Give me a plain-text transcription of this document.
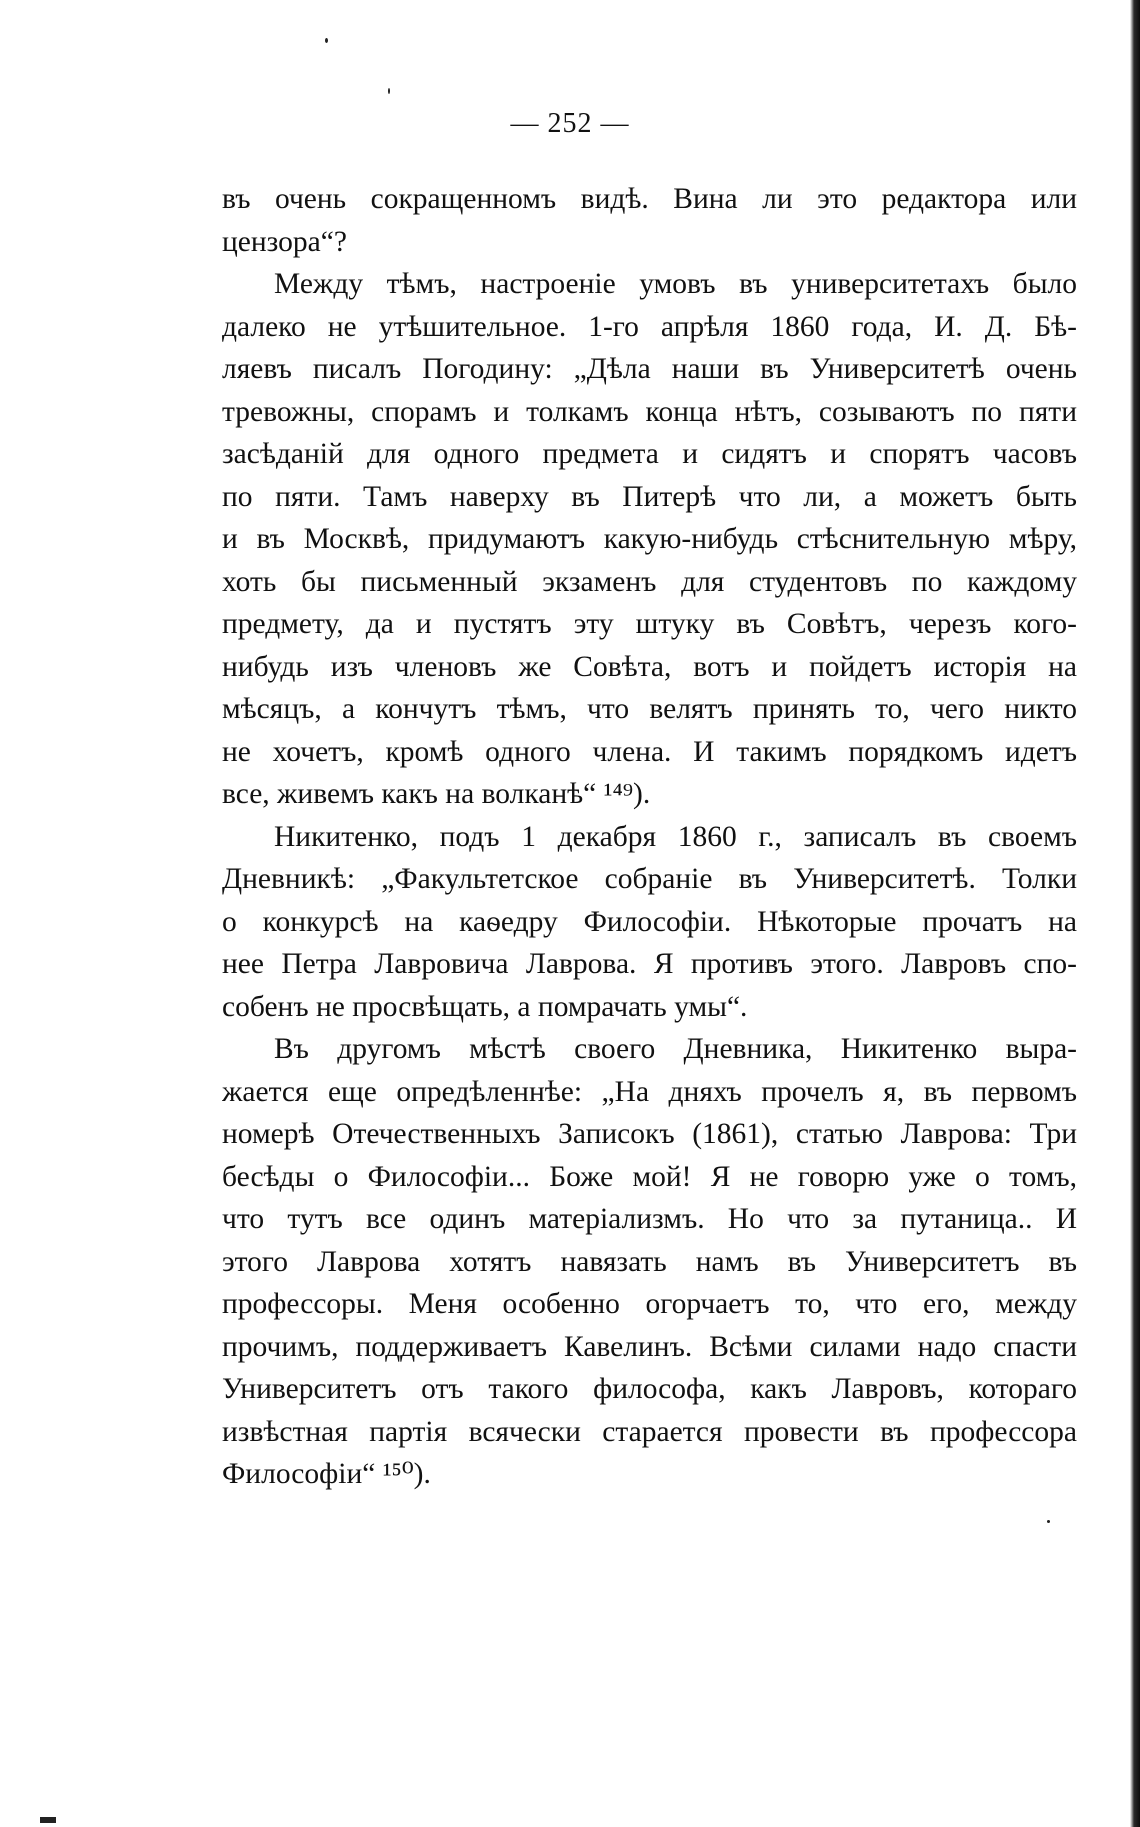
— 252 —
въ очень сокращенномъ видѣ. Вина ли это редактора или
цензора“?
Между тѣмъ, настроеніе умовъ въ университетахъ было
далеко не утѣшительное. 1-го апрѣля 1860 года, И. Д. Бѣ-
ляевъ писалъ Погодину: „Дѣла наши въ Университетѣ очень
тревожны, спорамъ и толкамъ конца нѣтъ, созываютъ по пяти
засѣданій для одного предмета и сидятъ и спорятъ часовъ
по пяти. Тамъ наверху въ Питерѣ что ли, а можетъ быть
и въ Москвѣ, придумаютъ какую-нибудь стѣснительную мѣру,
хоть бы письменный экзаменъ для студентовъ по каждому
предмету, да и пустятъ эту штуку въ Совѣтъ, черезъ кого-
нибудь изъ членовъ же Совѣта, вотъ и пойдетъ исторія на
мѣсяцъ, а кончутъ тѣмъ, что велятъ принять то, чего никто
не хочетъ, кромѣ одного члена. И такимъ порядкомъ идетъ
все, живемъ какъ на волканѣ“ ¹⁴⁹).
Никитенко, подъ 1 декабря 1860 г., записалъ въ своемъ
Дневникѣ: „Факультетское собраніе въ Университетѣ. Толки
о конкурсѣ на каѳедру Философіи. Нѣкоторые прочатъ на
нее Петра Лавровича Лаврова. Я противъ этого. Лавровъ спо-
собенъ не просвѣщать, а помрачать умы“.
Въ другомъ мѣстѣ своего Дневника, Никитенко выра-
жается еще опредѣленнѣе: „На дняхъ прочелъ я, въ первомъ
номерѣ Отечественныхъ Записокъ (1861), статью Лаврова: Три
бесѣды о Философіи... Боже мой! Я не говорю уже о томъ,
что тутъ все одинъ матеріализмъ. Но что за путаница.. И
этого Лаврова хотятъ навязать намъ въ Университетъ въ
профессоры. Меня особенно огорчаетъ то, что его, между
прочимъ, поддерживаетъ Кавелинъ. Всѣми силами надо спасти
Университетъ отъ такого философа, какъ Лавровъ, котораго
извѣстная партія всячески старается провести въ профессора
Философіи“ ¹⁵⁰).
